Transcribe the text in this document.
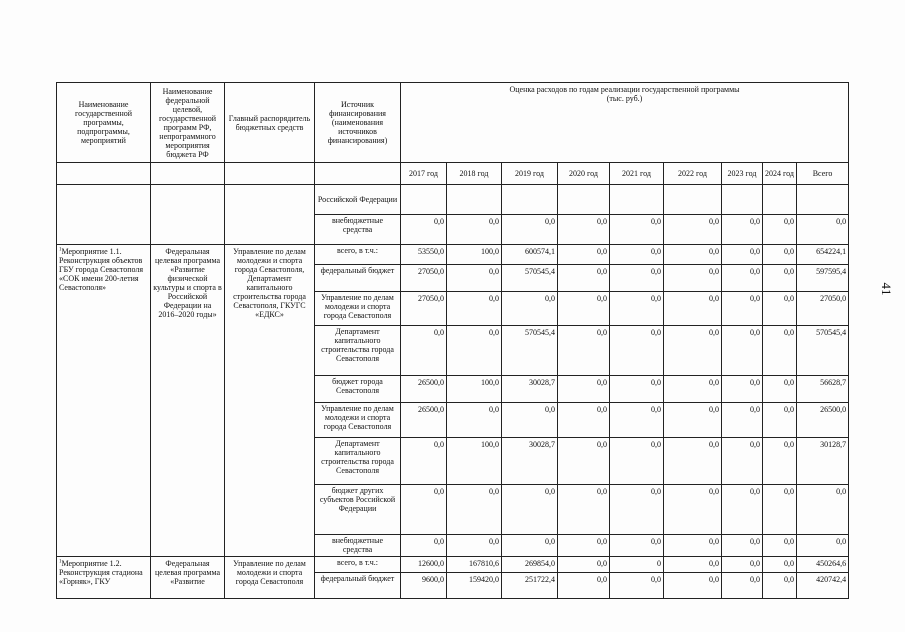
41
Наименование государственной программы, подпрограммы, мероприятий	Наименование федеральной целевой, государственной программ РФ, непрограммного мероприятия бюджета РФ	Главный распорядитель бюджетных средств	Источник финансирования (наименования источников финансирования)	Оценка расходов по годам реализации государственной программы
(тыс. руб.)								

				2017 год	2018 год	2019 год	2020 год	2021 год	2022 год	2023 год	2024 год	Всего
			Российской Федерации									
			внебюджетные средства	0,0	0,0	0,0	0,0	0,0	0,0	0,0	0,0	0,0
$^1$Мероприятие 1.1. Реконструкция объектов ГБУ города Севастополя «СОК имени 200-летия Севастополя»	Федеральная целевая программа «Развитие физической культуры и спорта в Российской Федерации на 2016–2020 годы»	Управление по делам молодежи и спорта города Севастополя, Департамент капитального строительства города Севастополя, ГКУГС «ЕДКС»	всего, в т.ч.:	53550,0	100,0	600574,1	0,0	0,0	0,0	0,0	0,0	654224,1
			федеральный бюджет	27050,0	0,0	570545,4	0,0	0,0	0,0	0,0	0,0	597595,4
			Управление по делам молодежи и спорта города Севастополя	27050,0	0,0	0,0	0,0	0,0	0,0	0,0	0,0	27050,0
			Департамент капитального строительства города Севастополя	0,0	0,0	570545,4	0,0	0,0	0,0	0,0	0,0	570545,4
			бюджет города Севастополя	26500,0	100,0	30028,7	0,0	0,0	0,0	0,0	0,0	56628,7
			Управление по делам молодежи и спорта города Севастополя	26500,0	0,0	0,0	0,0	0,0	0,0	0,0	0,0	26500,0
			Департамент капитального строительства города Севастополя	0,0	100,0	30028,7	0,0	0,0	0,0	0,0	0,0	30128,7
			бюджет других субъектов Российской Федерации	0,0	0,0	0,0	0,0	0,0	0,0	0,0	0,0	0,0
			внебюджетные средства	0,0	0,0	0,0	0,0	0,0	0,0	0,0	0,0	0,0
$^1$Мероприятие 1.2. Реконструкция стадиона «Горняк», ГКУ	Федеральная целевая программа «Развитие	Управление по делам молодежи и спорта города Севастополя	всего, в т.ч.:	12600,0	167810,6	269854,0	0,0	0	0,0	0,0	0,0	450264,6
			федеральный бюджет	9600,0	159420,0	251722,4	0,0	0,0	0,0	0,0	0,0	420742,4
